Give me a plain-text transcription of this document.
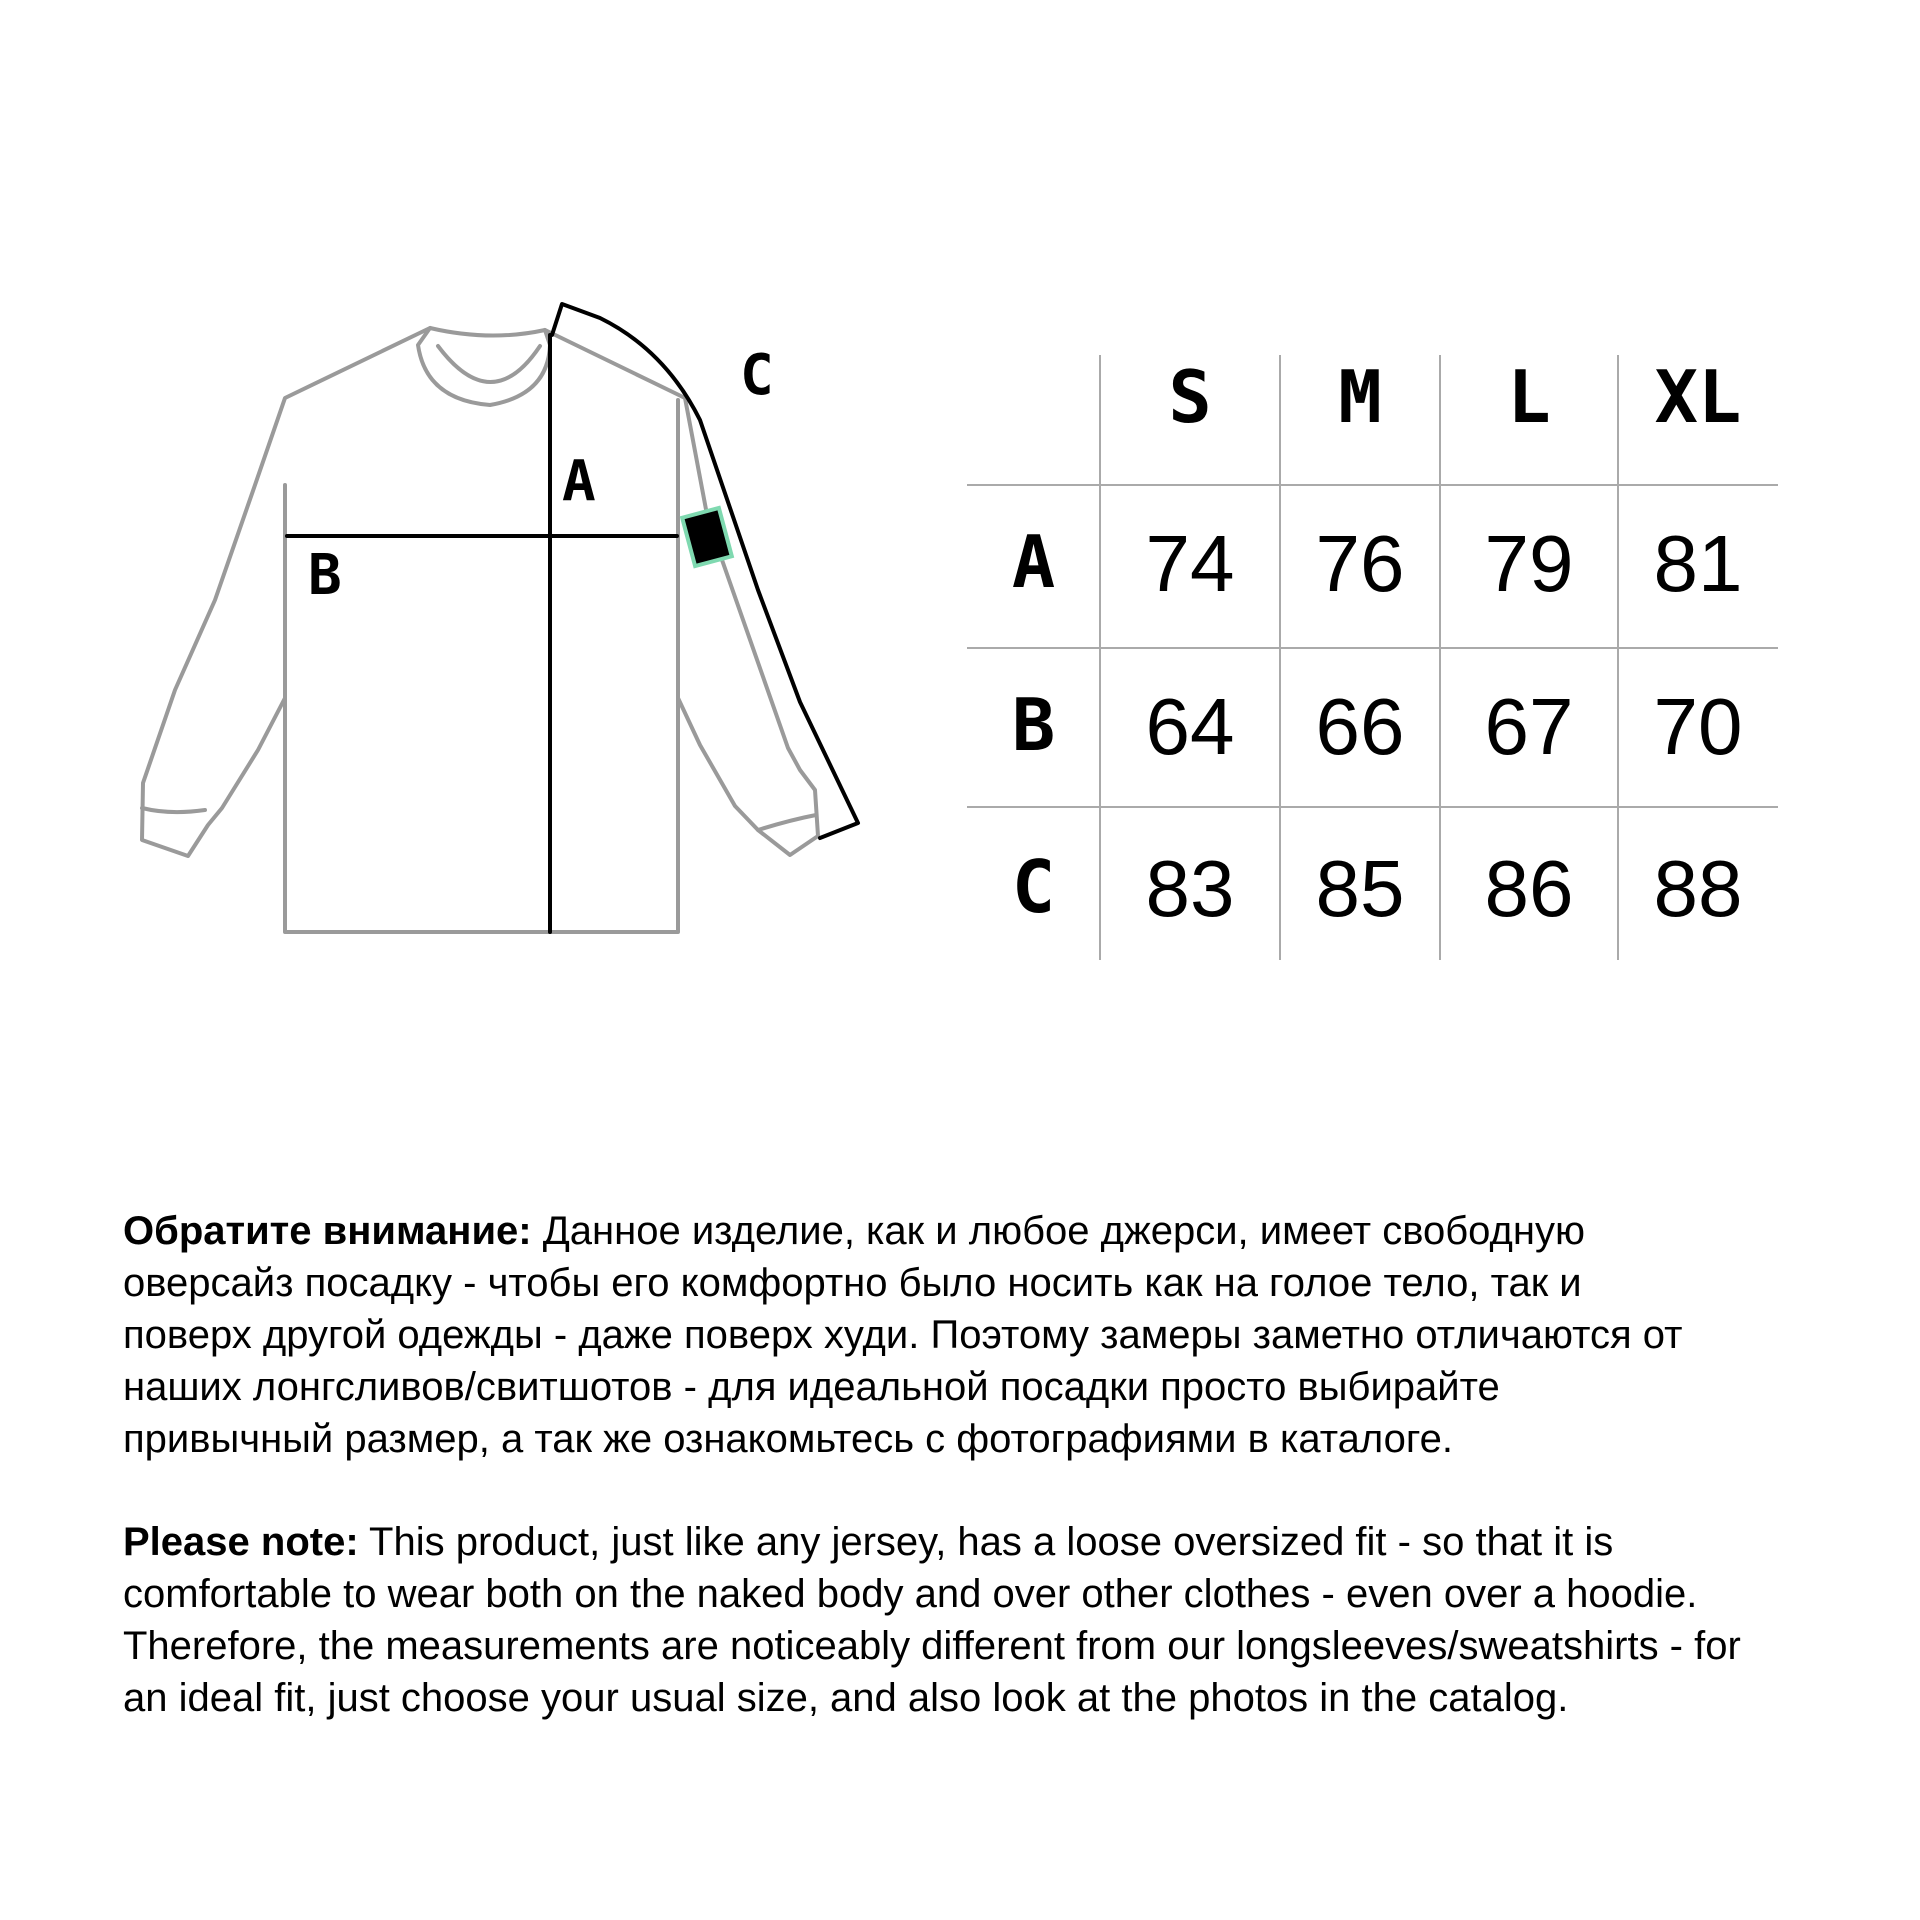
A
B
C	S	M	L	XL
A	74	76	79	81
B	64	66	67	70
C	83	85	86	88

Обратите внимание: Данное изделие, как и любое джерси, имеет свободную
оверсайз посадку - чтобы его комфортно было носить как на голое тело, так и
поверх другой одежды - даже поверх худи. Поэтому замеры заметно отличаются от
наших лонгсливов/свитшотов - для идеальной посадки просто выбирайте
привычный размер, а так же ознакомьтесь с фотографиями в каталоге.

Please note: This product, just like any jersey, has a loose oversized fit - so that it is
comfortable to wear both on the naked body and over other clothes - even over a hoodie.
Therefore, the measurements are noticeably different from our longsleeves/sweatshirts - for
an ideal fit, just choose your usual size, and also look at the photos in the catalog.
